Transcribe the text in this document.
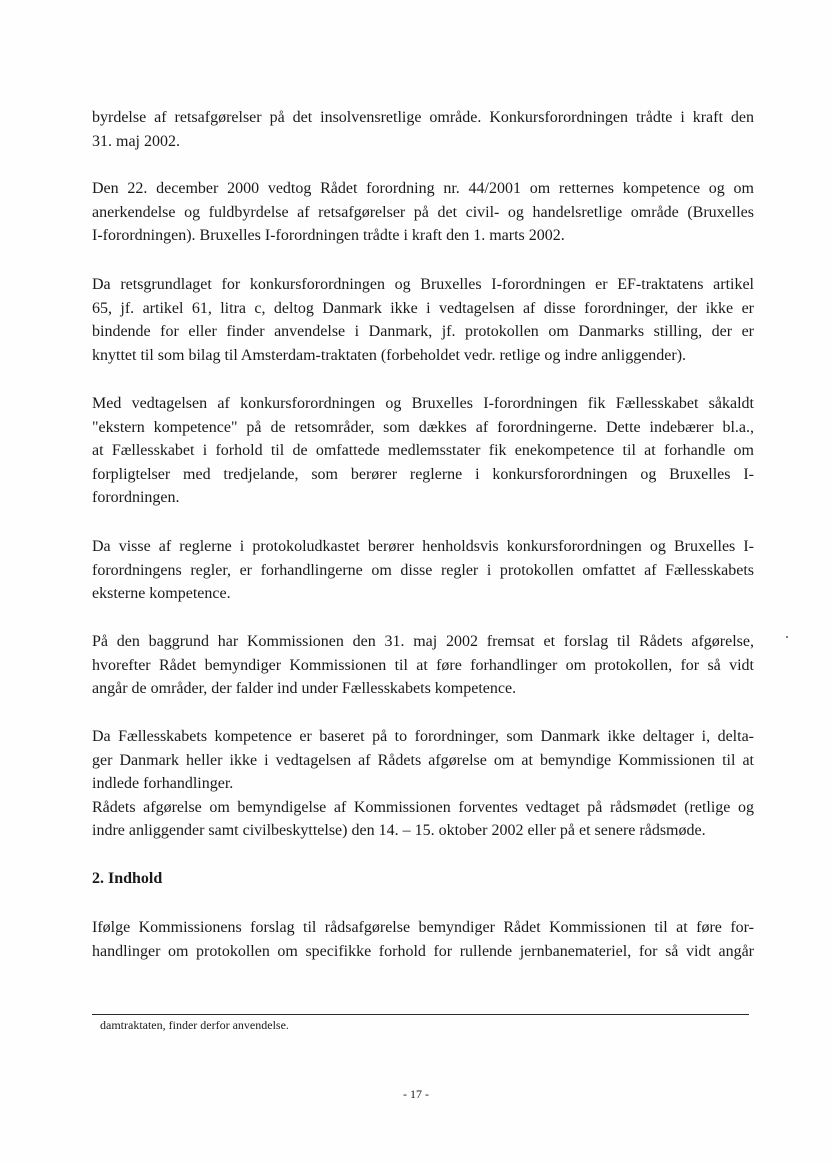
byrdelse af retsafgørelser på det insolvensretlige område. Konkursforordningen trådte i kraft den
31. maj 2002.

Den 22. december 2000 vedtog Rådet forordning nr. 44/2001 om retternes kompetence og om
anerkendelse og fuldbyrdelse af retsafgørelser på det civil- og handelsretlige område (Bruxelles
I-forordningen). Bruxelles I-forordningen trådte i kraft den 1. marts 2002.

Da retsgrundlaget for konkursforordningen og Bruxelles I-forordningen er EF-traktatens artikel
65, jf. artikel 61, litra c, deltog Danmark ikke i vedtagelsen af disse forordninger, der ikke er
bindende for eller finder anvendelse i Danmark, jf. protokollen om Danmarks stilling, der er
knyttet til som bilag til Amsterdam-traktaten (forbeholdet vedr. retlige og indre anliggender).

Med vedtagelsen af konkursforordningen og Bruxelles I-forordningen fik Fællesskabet såkaldt
"ekstern kompetence" på de retsområder, som dækkes af forordningerne. Dette indebærer bl.a.,
at Fællesskabet i forhold til de omfattede medlemsstater fik enekompetence til at forhandle om
forpligtelser med tredjelande, som berører reglerne i konkursforordningen og Bruxelles I-
forordningen.

Da visse af reglerne i protokoludkastet berører henholdsvis konkursforordningen og Bruxelles I-
forordningens regler, er forhandlingerne om disse regler i protokollen omfattet af Fællesskabets
eksterne kompetence.

På den baggrund har Kommissionen den 31. maj 2002 fremsat et forslag til Rådets afgørelse,
hvorefter Rådet bemyndiger Kommissionen til at føre forhandlinger om protokollen, for så vidt
angår de områder, der falder ind under Fællesskabets kompetence.

Da Fællesskabets kompetence er baseret på to forordninger, som Danmark ikke deltager i, delta-
ger Danmark heller ikke i vedtagelsen af Rådets afgørelse om at bemyndige Kommissionen til at
indlede forhandlinger.
Rådets afgørelse om bemyndigelse af Kommissionen forventes vedtaget på rådsmødet (retlige og
indre anliggender samt civilbeskyttelse) den 14. – 15. oktober 2002 eller på et senere rådsmøde.

2. Indhold

Ifølge Kommissionens forslag til rådsafgørelse bemyndiger Rådet Kommissionen til at føre for-
handlinger om protokollen om specifikke forhold for rullende jernbanemateriel, for så vidt angår

damtraktaten, finder derfor anvendelse.
- 17 -
